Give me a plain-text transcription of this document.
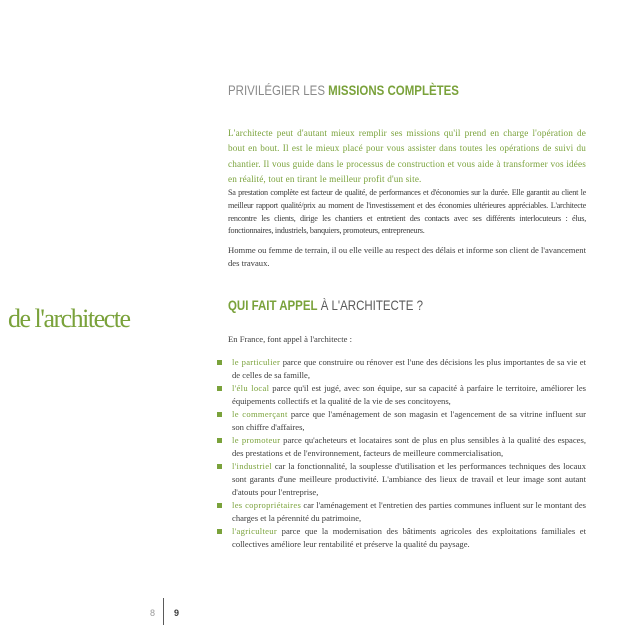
PRIVILÉGIER LES MISSIONS COMPLÈTES

L'architecte peut d'autant mieux remplir ses missions qu'il prend en charge l'opération de bout en bout. Il est le mieux placé pour vous assister dans toutes les opérations de suivi du chantier. Il vous guide dans le processus de construction et vous aide à transformer vos idées en réalité, tout en tirant le meilleur profit d'un site.

Sa prestation complète est facteur de qualité, de performances et d'économies sur la durée. Elle garantit au client le meilleur rapport qualité/prix au moment de l'investissement et des économies ultérieures appréciables. L'architecte rencontre les clients, dirige les chantiers et entretient des contacts avec ses différents interlocuteurs : élus, fonctionnaires, industriels, banquiers, promoteurs, entrepreneurs.

Homme ou femme de terrain, il ou elle veille au respect des délais et informe son client de l'avancement des travaux.

de l'architecte	QUI FAIT APPEL À L'ARCHITECTE ?

En France, font appel à l'architecte :

le particulier parce que construire ou rénover est l'une des décisions les plus importantes de sa vie et de celles de sa famille,
l'élu local parce qu'il est jugé, avec son équipe, sur sa capacité à parfaire le territoire, améliorer les équipements collectifs et la qualité de la vie de ses concitoyens,
le commerçant parce que l'aménagement de son magasin et l'agencement de sa vitrine influent sur son chiffre d'affaires,
le promoteur parce qu'acheteurs et locataires sont de plus en plus sensibles à la qualité des espaces, des prestations et de l'environnement, facteurs de meilleure commercialisation,
l'industriel car la fonctionnalité, la souplesse d'utilisation et les performances techniques des locaux sont garants d'une meilleure productivité. L'ambiance des lieux de travail et leur image sont autant d'atouts pour l'entreprise,
les copropriétaires car l'aménagement et l'entretien des parties communes influent sur le montant des charges et la pérennité du patrimoine,
l'agriculteur parce que la modernisation des bâtiments agricoles des exploitations familiales et collectives améliore leur rentabilité et préserve la qualité du paysage.
8 9
